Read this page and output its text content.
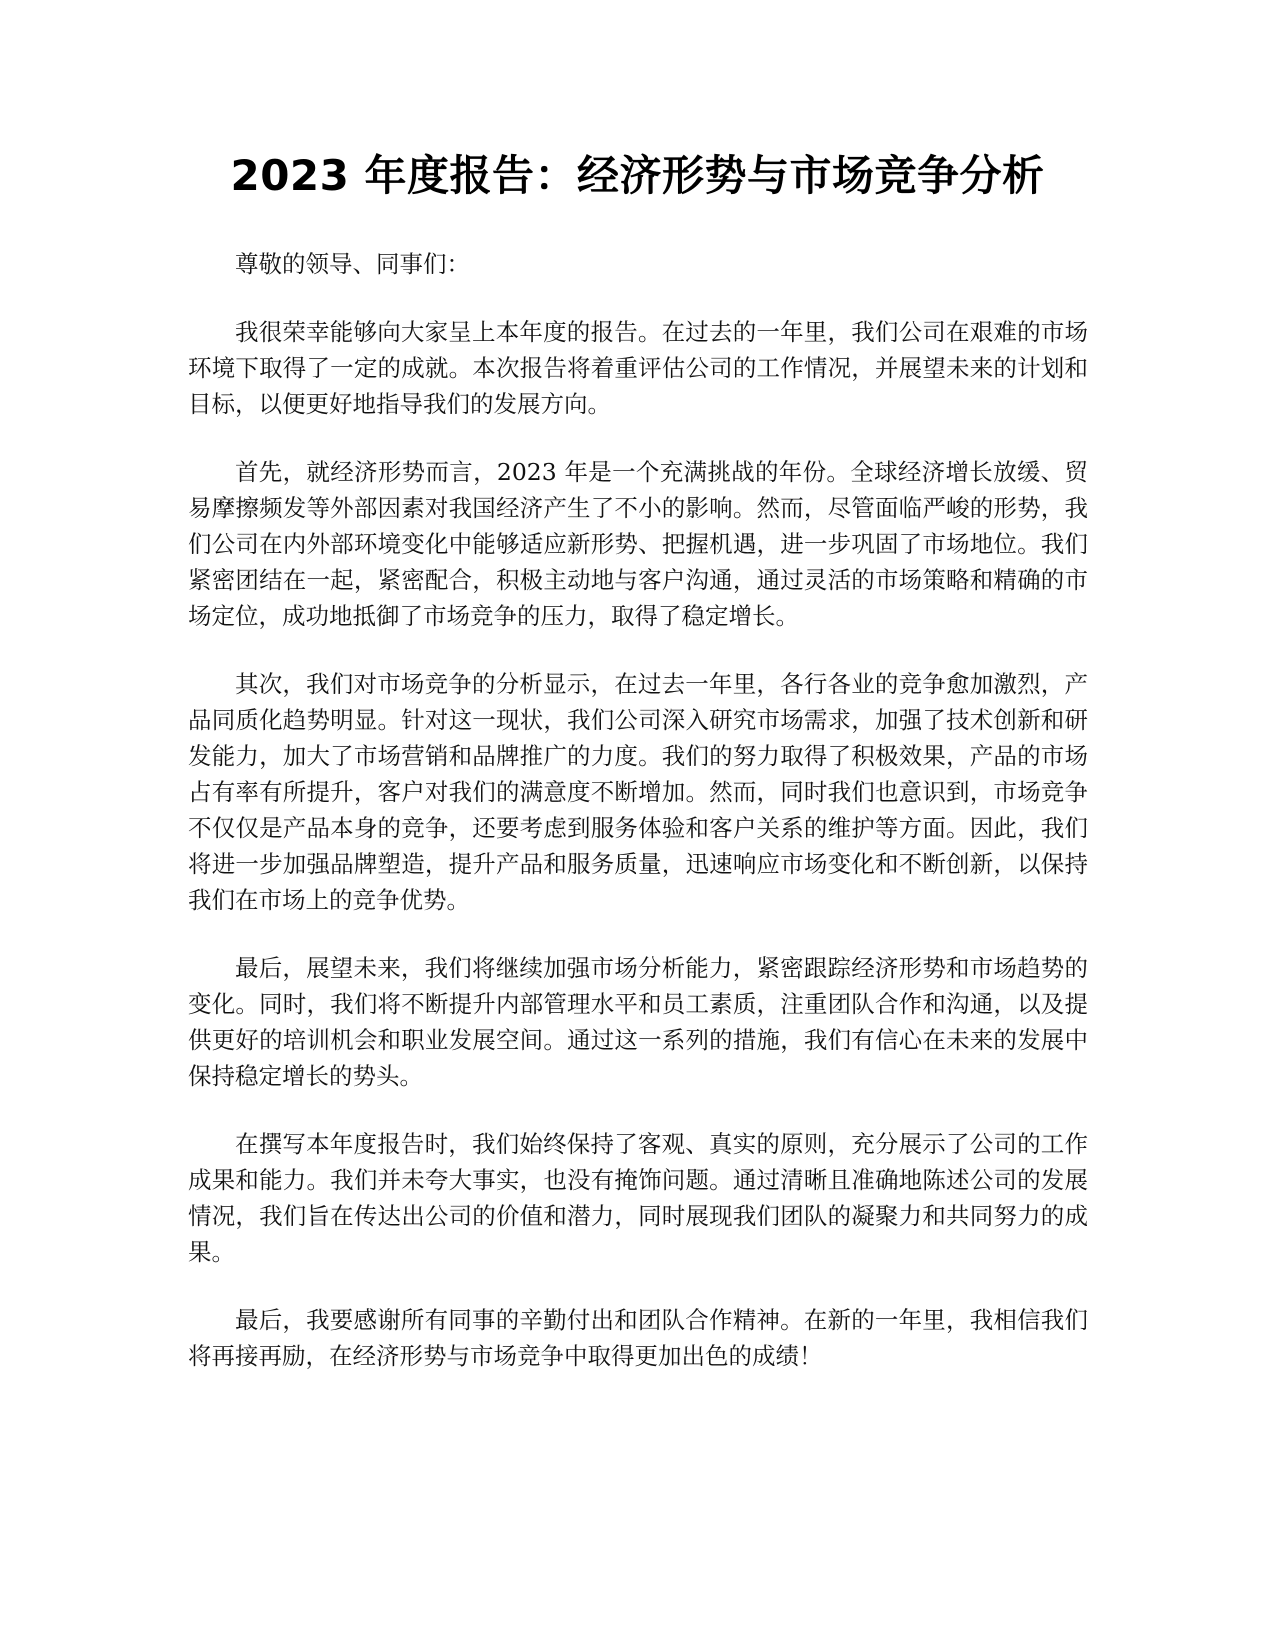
2023 年度报告：经济形势与市场竞争分析

尊敬的领导、同事们：

我很荣幸能够向大家呈上本年度的报告。在过去的一年里，我们公司在艰难的市场环境下取得了一定的成就。本次报告将着重评估公司的工作情况，并展望未来的计划和目标，以便更好地指导我们的发展方向。

首先，就经济形势而言，2023 年是一个充满挑战的年份。全球经济增长放缓、贸易摩擦频发等外部因素对我国经济产生了不小的影响。然而，尽管面临严峻的形势，我们公司在内外部环境变化中能够适应新形势、把握机遇，进一步巩固了市场地位。我们紧密团结在一起，紧密配合，积极主动地与客户沟通，通过灵活的市场策略和精确的市场定位，成功地抵御了市场竞争的压力，取得了稳定增长。

其次，我们对市场竞争的分析显示，在过去一年里，各行各业的竞争愈加激烈，产品同质化趋势明显。针对这一现状，我们公司深入研究市场需求，加强了技术创新和研发能力，加大了市场营销和品牌推广的力度。我们的努力取得了积极效果，产品的市场占有率有所提升，客户对我们的满意度不断增加。然而，同时我们也意识到，市场竞争不仅仅是产品本身的竞争，还要考虑到服务体验和客户关系的维护等方面。因此，我们将进一步加强品牌塑造，提升产品和服务质量，迅速响应市场变化和不断创新，以保持我们在市场上的竞争优势。

最后，展望未来，我们将继续加强市场分析能力，紧密跟踪经济形势和市场趋势的变化。同时，我们将不断提升内部管理水平和员工素质，注重团队合作和沟通，以及提供更好的培训机会和职业发展空间。通过这一系列的措施，我们有信心在未来的发展中保持稳定增长的势头。

在撰写本年度报告时，我们始终保持了客观、真实的原则，充分展示了公司的工作成果和能力。我们并未夸大事实，也没有掩饰问题。通过清晰且准确地陈述公司的发展情况，我们旨在传达出公司的价值和潜力，同时展现我们团队的凝聚力和共同努力的成果。

最后，我要感谢所有同事的辛勤付出和团队合作精神。在新的一年里，我相信我们将再接再励，在经济形势与市场竞争中取得更加出色的成绩！
